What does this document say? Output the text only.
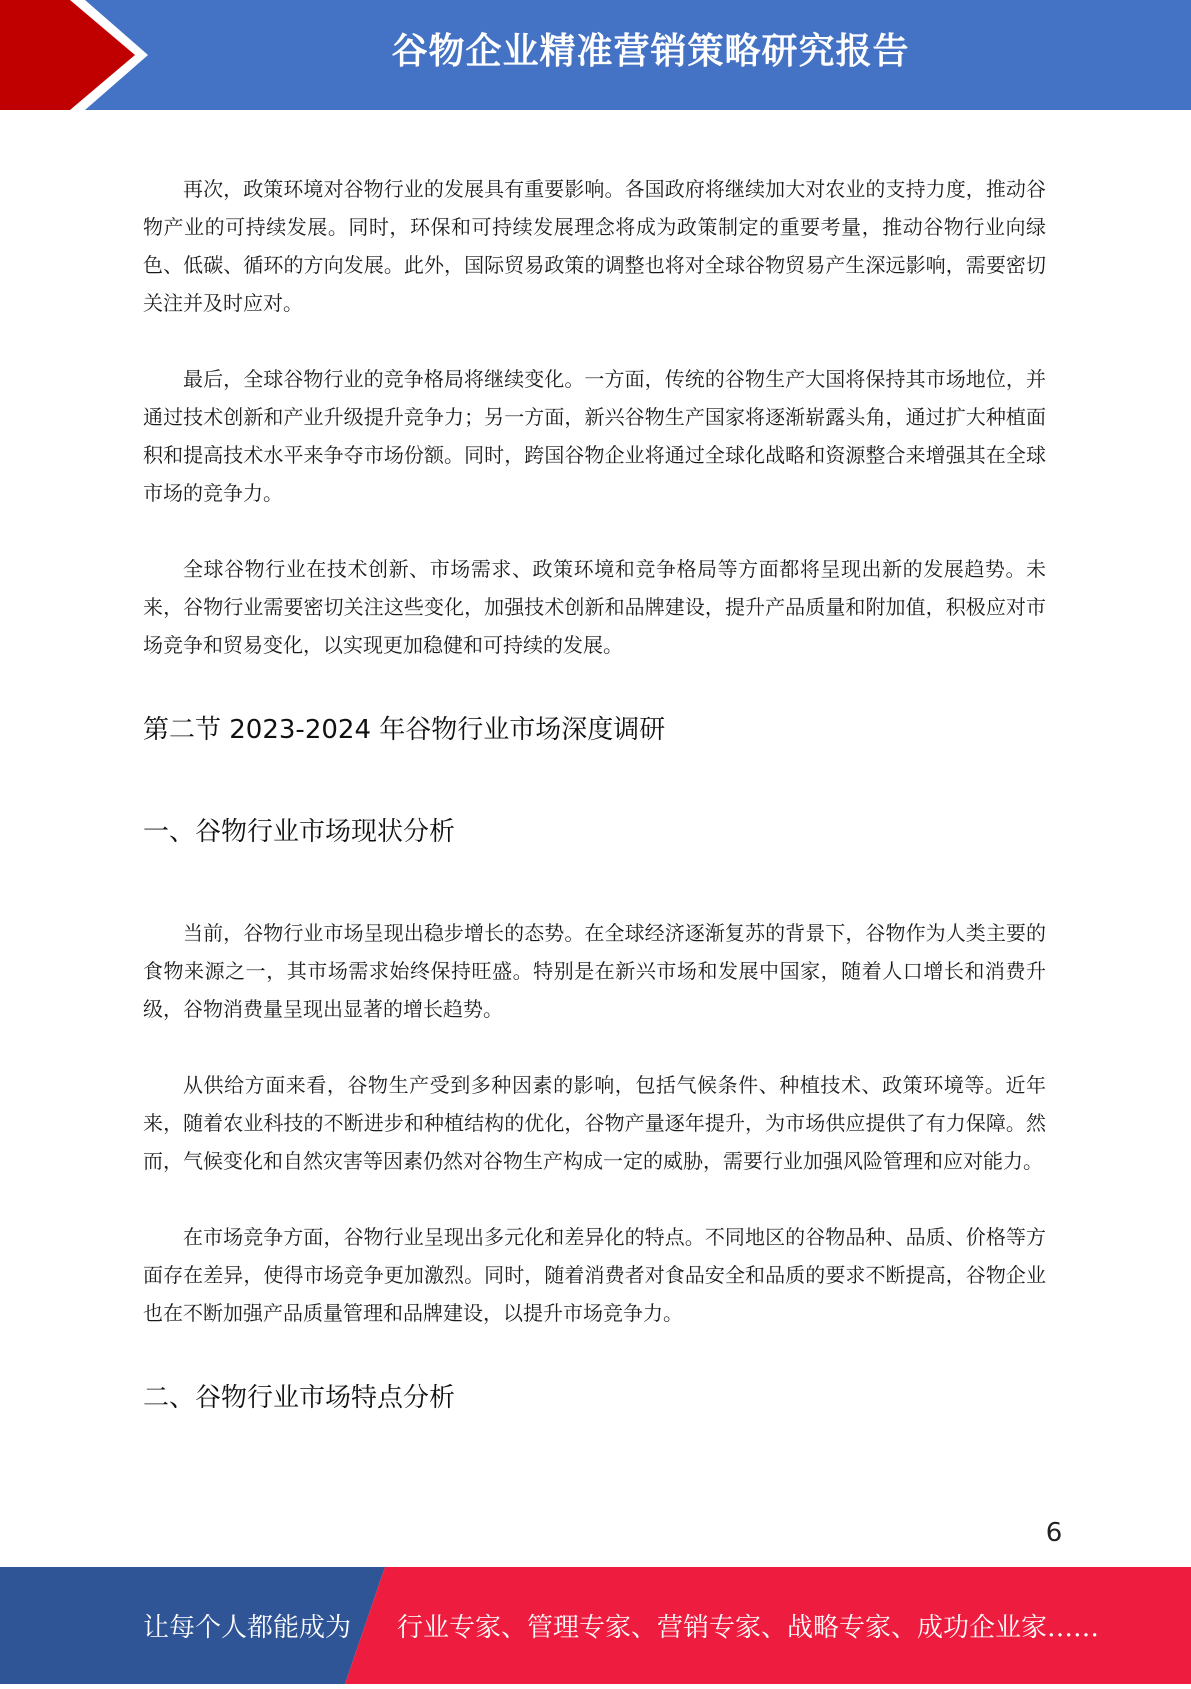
谷物企业精准营销策略研究报告

再次，政策环境对谷物行业的发展具有重要影响。各国政府将继续加大对农业的支持力度，推动谷物产业的可持续发展。同时，环保和可持续发展理念将成为政策制定的重要考量，推动谷物行业向绿色、低碳、循环的方向发展。此外，国际贸易政策的调整也将对全球谷物贸易产生深远影响，需要密切关注并及时应对。

最后，全球谷物行业的竞争格局将继续变化。一方面，传统的谷物生产大国将保持其市场地位，并通过技术创新和产业升级提升竞争力；另一方面，新兴谷物生产国家将逐渐崭露头角，通过扩大种植面积和提高技术水平来争夺市场份额。同时，跨国谷物企业将通过全球化战略和资源整合来增强其在全球市场的竞争力。

全球谷物行业在技术创新、市场需求、政策环境和竞争格局等方面都将呈现出新的发展趋势。未来，谷物行业需要密切关注这些变化，加强技术创新和品牌建设，提升产品质量和附加值，积极应对市场竞争和贸易变化，以实现更加稳健和可持续的发展。

第二节 2023-2024 年谷物行业市场深度调研
一、谷物行业市场现状分析

当前，谷物行业市场呈现出稳步增长的态势。在全球经济逐渐复苏的背景下，谷物作为人类主要的食物来源之一，其市场需求始终保持旺盛。特别是在新兴市场和发展中国家，随着人口增长和消费升级，谷物消费量呈现出显著的增长趋势。

从供给方面来看，谷物生产受到多种因素的影响，包括气候条件、种植技术、政策环境等。近年来，随着农业科技的不断进步和种植结构的优化，谷物产量逐年提升，为市场供应提供了有力保障。然而，气候变化和自然灾害等因素仍然对谷物生产构成一定的威胁，需要行业加强风险管理和应对能力。

在市场竞争方面，谷物行业呈现出多元化和差异化的特点。不同地区的谷物品种、品质、价格等方面存在差异，使得市场竞争更加激烈。同时，随着消费者对食品安全和品质的要求不断提高，谷物企业也在不断加强产品质量管理和品牌建设，以提升市场竞争力。

二、谷物行业市场特点分析
6
让每个人都能成为 行业专家、管理专家、营销专家、战略专家、成功企业家……
